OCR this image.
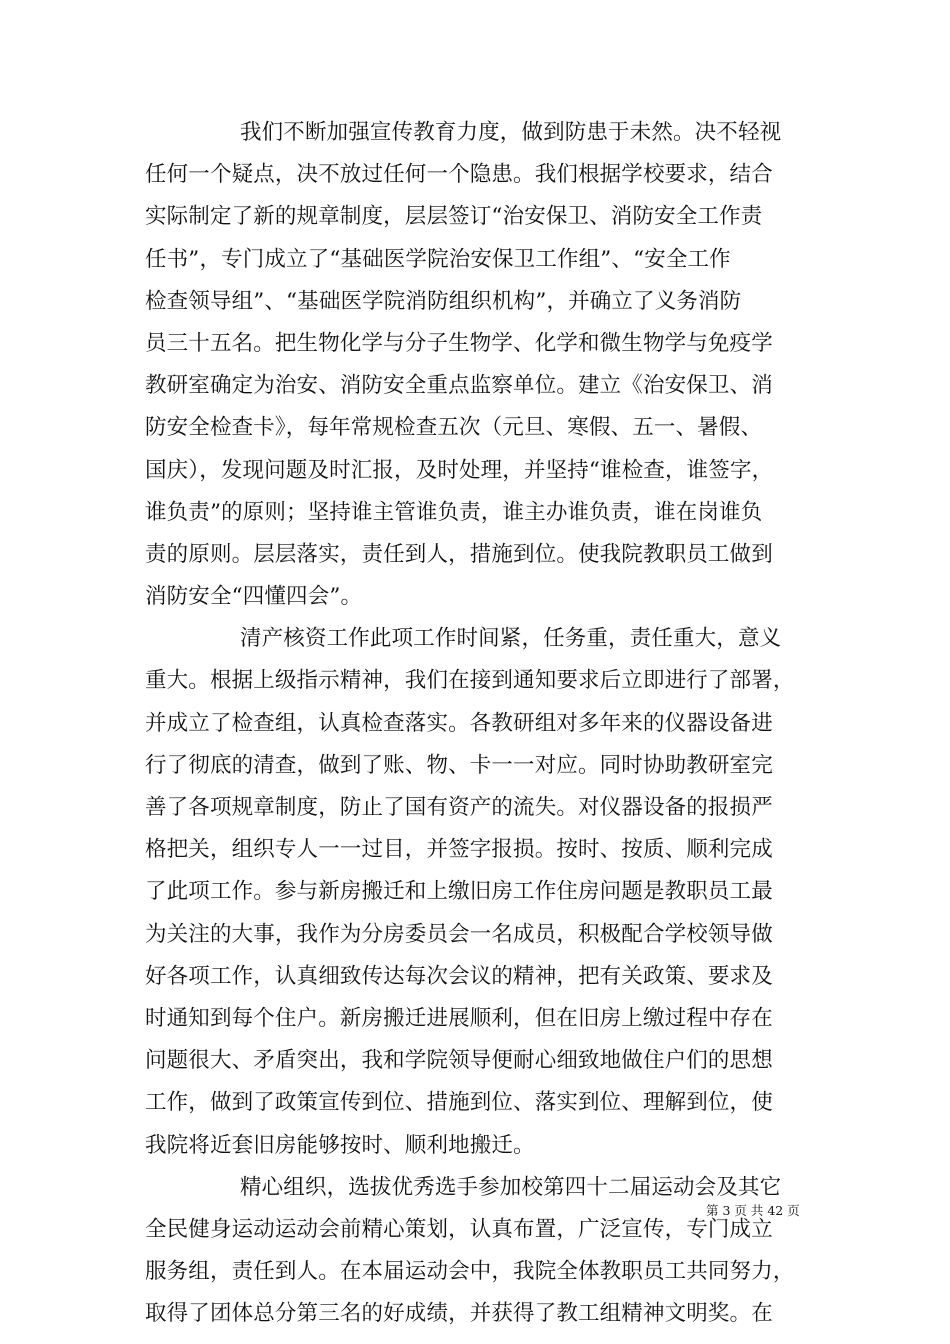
我们不断加强宣传教育力度，做到防患于未然。决不轻视
任何一个疑点，决不放过任何一个隐患。我们根据学校要求，结合
实际制定了新的规章制度，层层签订“治安保卫、消防安全工作责
任书”，专门成立了“基础医学院治安保卫工作组”、“安全工作
检查领导组”、“基础医学院消防组织机构”，并确立了义务消防
员三十五名。把生物化学与分子生物学、化学和微生物学与免疫学
教研室确定为治安、消防安全重点监察单位。建立《治安保卫、消
防安全检查卡》，每年常规检查五次（元旦、寒假、五一、暑假、
国庆），发现问题及时汇报，及时处理，并坚持“谁检查，谁签字，
谁负责”的原则；坚持谁主管谁负责，谁主办谁负责，谁在岗谁负
责的原则。层层落实，责任到人，措施到位。使我院教职员工做到
消防安全“四懂四会”。
清产核资工作此项工作时间紧，任务重，责任重大，意义
重大。根据上级指示精神，我们在接到通知要求后立即进行了部署，
并成立了检查组，认真检查落实。各教研组对多年来的仪器设备进
行了彻底的清查，做到了账、物、卡一一对应。同时协助教研室完
善了各项规章制度，防止了国有资产的流失。对仪器设备的报损严
格把关，组织专人一一过目，并签字报损。按时、按质、顺利完成
了此项工作。参与新房搬迁和上缴旧房工作住房问题是教职员工最
为关注的大事，我作为分房委员会一名成员，积极配合学校领导做
好各项工作，认真细致传达每次会议的精神，把有关政策、要求及
时通知到每个住户。新房搬迁进展顺利，但在旧房上缴过程中存在
问题很大、矛盾突出，我和学院领导便耐心细致地做住户们的思想
工作，做到了政策宣传到位、措施到位、落实到位、理解到位，使
我院将近套旧房能够按时、顺利地搬迁。
精心组织，选拔优秀选手参加校第四十二届运动会及其它
全民健身运动运动会前精心策划，认真布置，广泛宣传，专门成立
服务组，责任到人。在本届运动会中，我院全体教职员工共同努力，
取得了团体总分第三名的好成绩，并获得了教工组精神文明奖。在
第 3 页 共 42 页
